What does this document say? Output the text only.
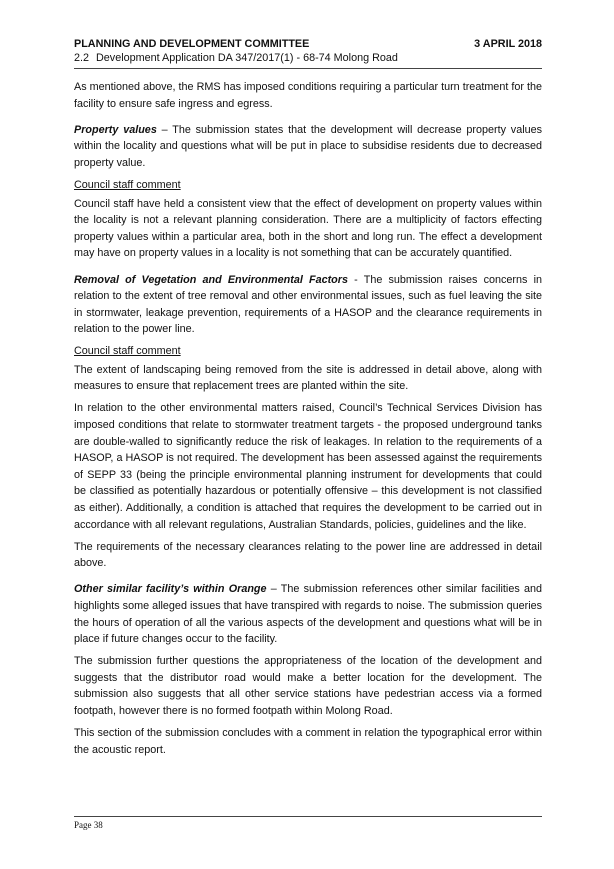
PLANNING AND DEVELOPMENT COMMITTEE	3 APRIL 2018
2.2 Development Application DA 347/2017(1) - 68-74 Molong Road

As mentioned above, the RMS has imposed conditions requiring a particular turn treatment for the facility to ensure safe ingress and egress.

Property values – The submission states that the development will decrease property values within the locality and questions what will be put in place to subsidise residents due to decreased property value.

Council staff comment

Council staff have held a consistent view that the effect of development on property values within the locality is not a relevant planning consideration. There are a multiplicity of factors effecting property values within a particular area, both in the short and long run. The effect a development may have on property values in a locality is not something that can be accurately quantified.

Removal of Vegetation and Environmental Factors - The submission raises concerns in relation to the extent of tree removal and other environmental issues, such as fuel leaving the site in stormwater, leakage prevention, requirements of a HASOP and the clearance requirements in relation to the power line.

Council staff comment

The extent of landscaping being removed from the site is addressed in detail above, along with measures to ensure that replacement trees are planted within the site.

In relation to the other environmental matters raised, Council’s Technical Services Division has imposed conditions that relate to stormwater treatment targets - the proposed underground tanks are double-walled to significantly reduce the risk of leakages. In relation to the requirements of a HASOP, a HASOP is not required. The development has been assessed against the requirements of SEPP 33 (being the principle environmental planning instrument for developments that could be classified as potentially hazardous or potentially offensive – this development is not classified as either). Additionally, a condition is attached that requires the development to be carried out in accordance with all relevant regulations, Australian Standards, policies, guidelines and the like.

The requirements of the necessary clearances relating to the power line are addressed in detail above.

Other similar facility’s within Orange – The submission references other similar facilities and highlights some alleged issues that have transpired with regards to noise. The submission queries the hours of operation of all the various aspects of the development and questions what will be in place if future changes occur to the facility.

The submission further questions the appropriateness of the location of the development and suggests that the distributor road would make a better location for the development. The submission also suggests that all other service stations have pedestrian access via a formed footpath, however there is no formed footpath within Molong Road.

This section of the submission concludes with a comment in relation the typographical error within the acoustic report.

Page 38
